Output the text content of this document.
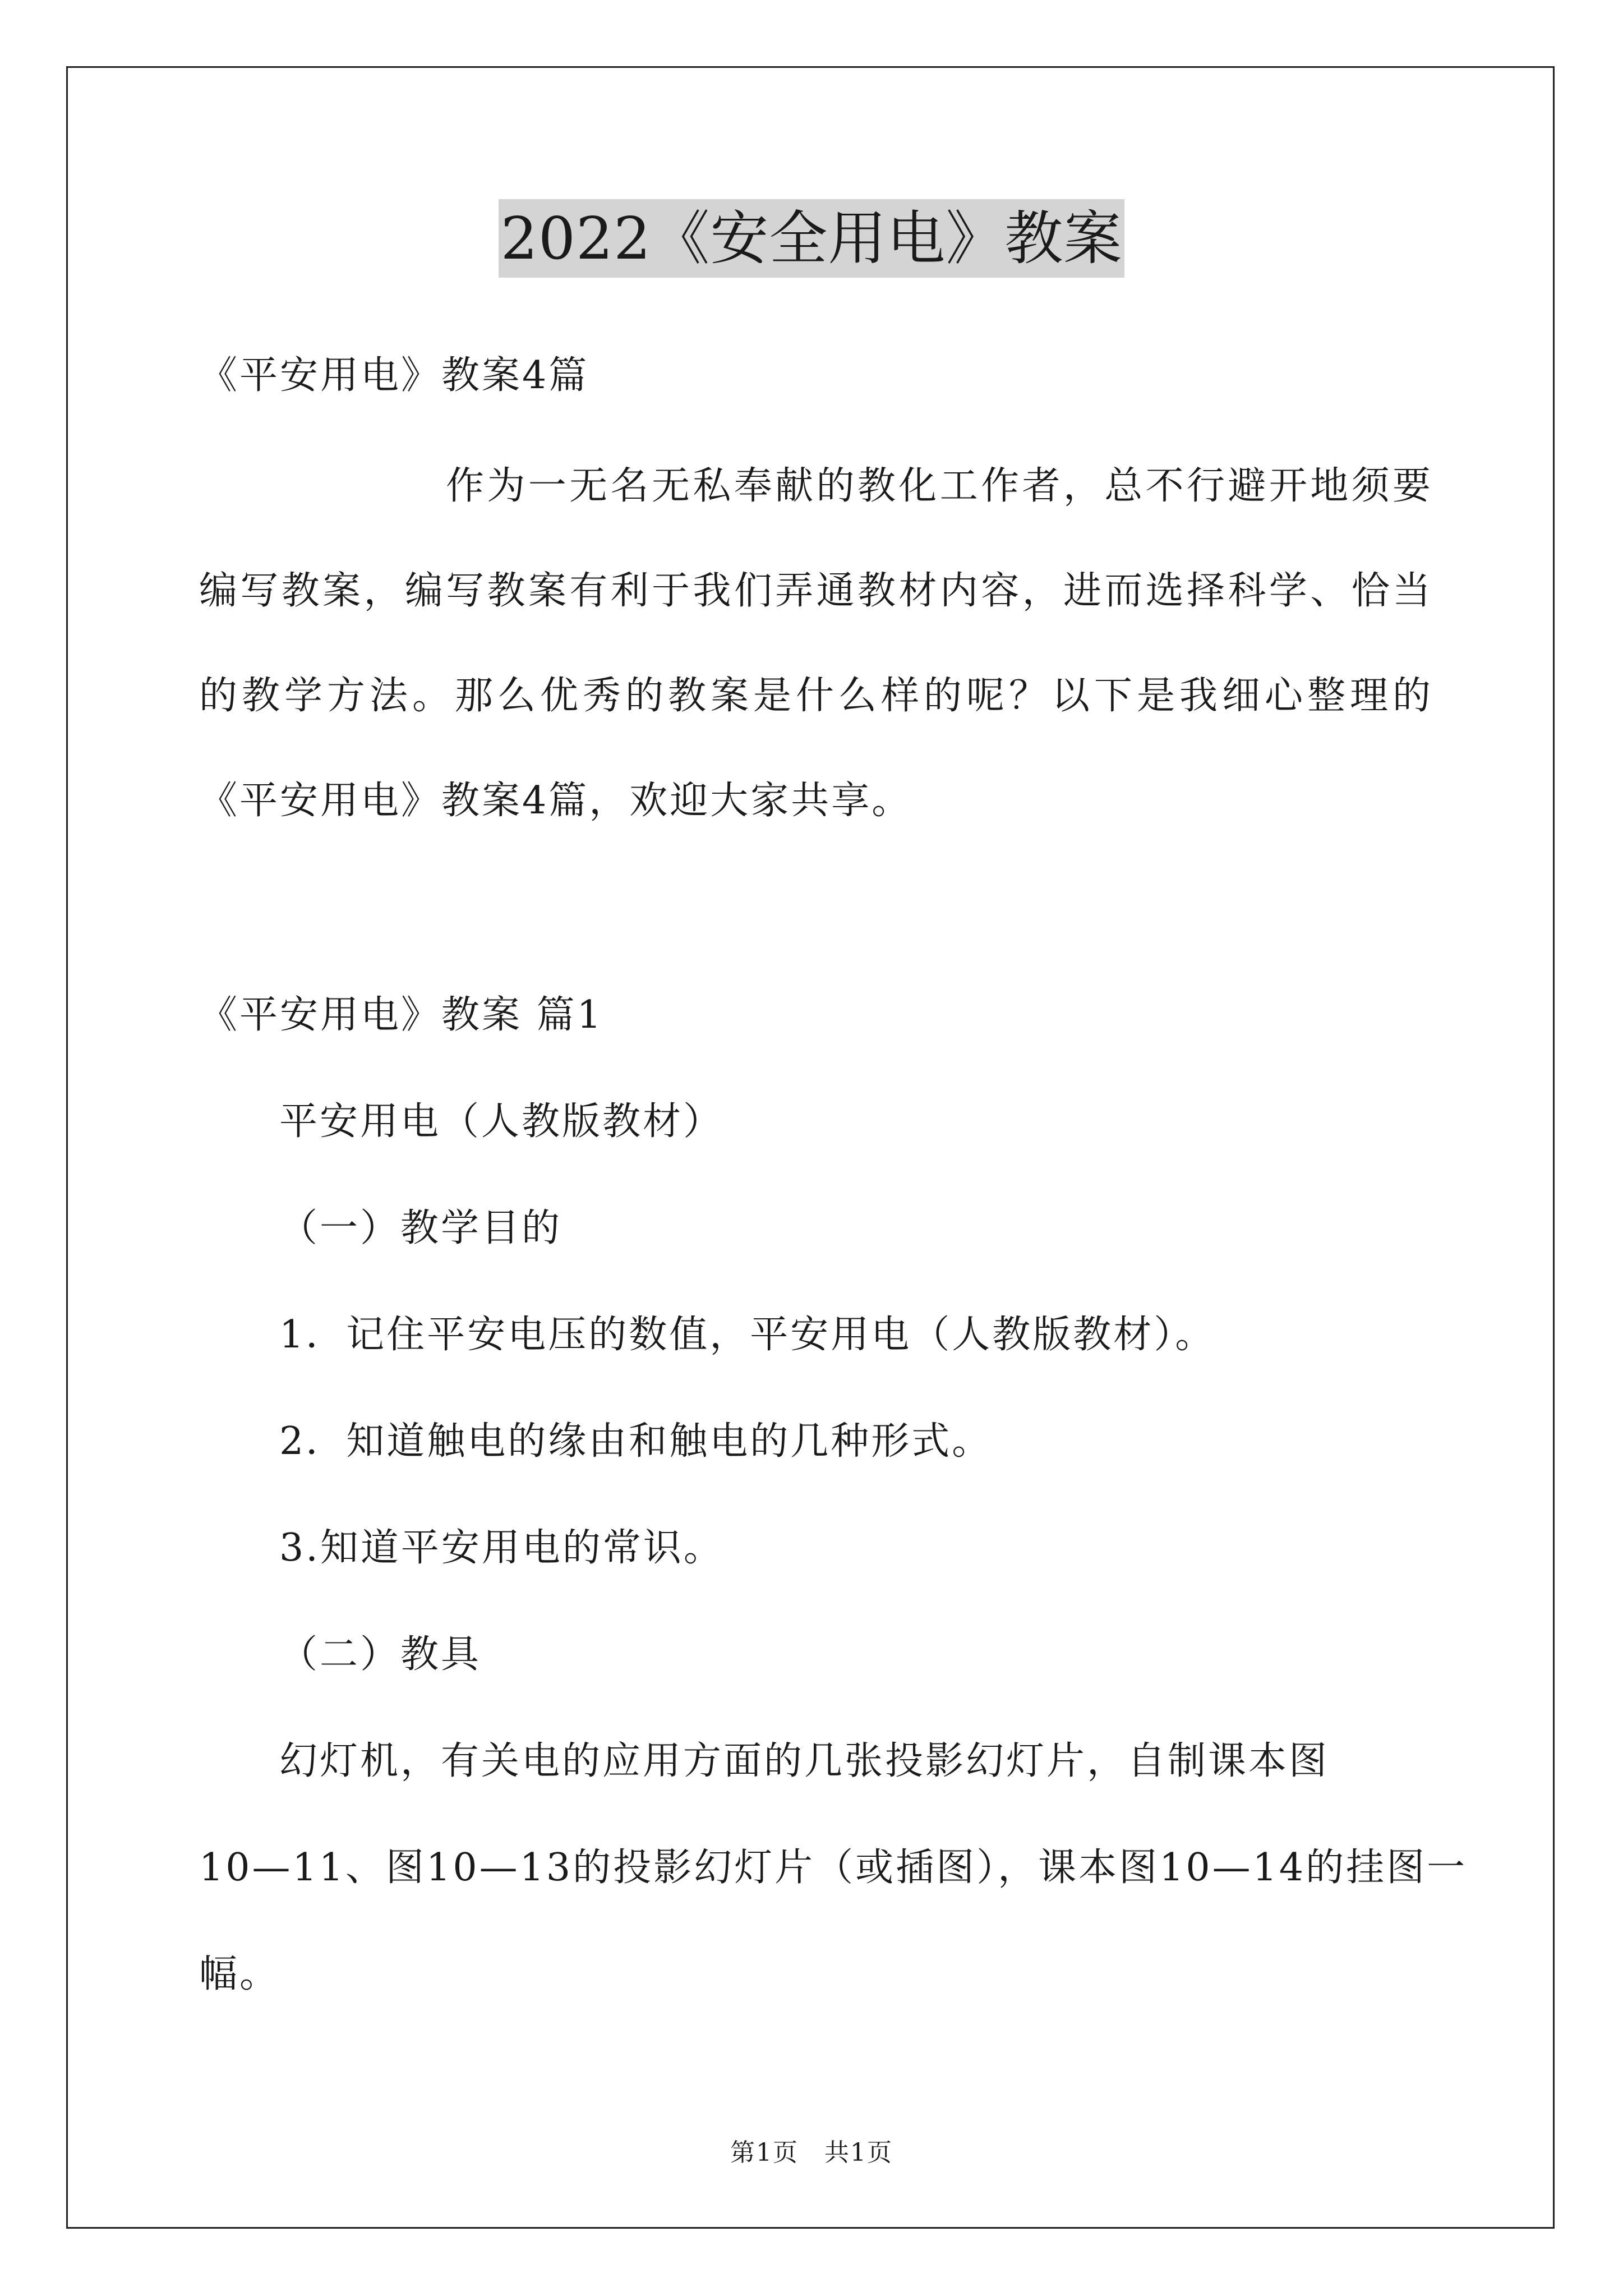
2022《安全用电》教案
《平安用电》教案4篇
作为一无名无私奉献的教化工作者，总不行避开地须要编写教案，编写教案有利于我们弄通教材内容，进而选择科学、恰当的教学方法。那么优秀的教案是什么样的呢？以下是我细心整理的《平安用电》教案4篇，欢迎大家共享。
《平安用电》教案 篇1
平安用电（人教版教材）
（一）教学目的
1．记住平安电压的数值，平安用电（人教版教材）。
2．知道触电的缘由和触电的几种形式。
3.知道平安用电的常识。
（二）教具
幻灯机，有关电的应用方面的几张投影幻灯片，自制课本图
10—11、图10—13的投影幻灯片（或插图），课本图10—14的挂图一
幅。
第1页　共1页
